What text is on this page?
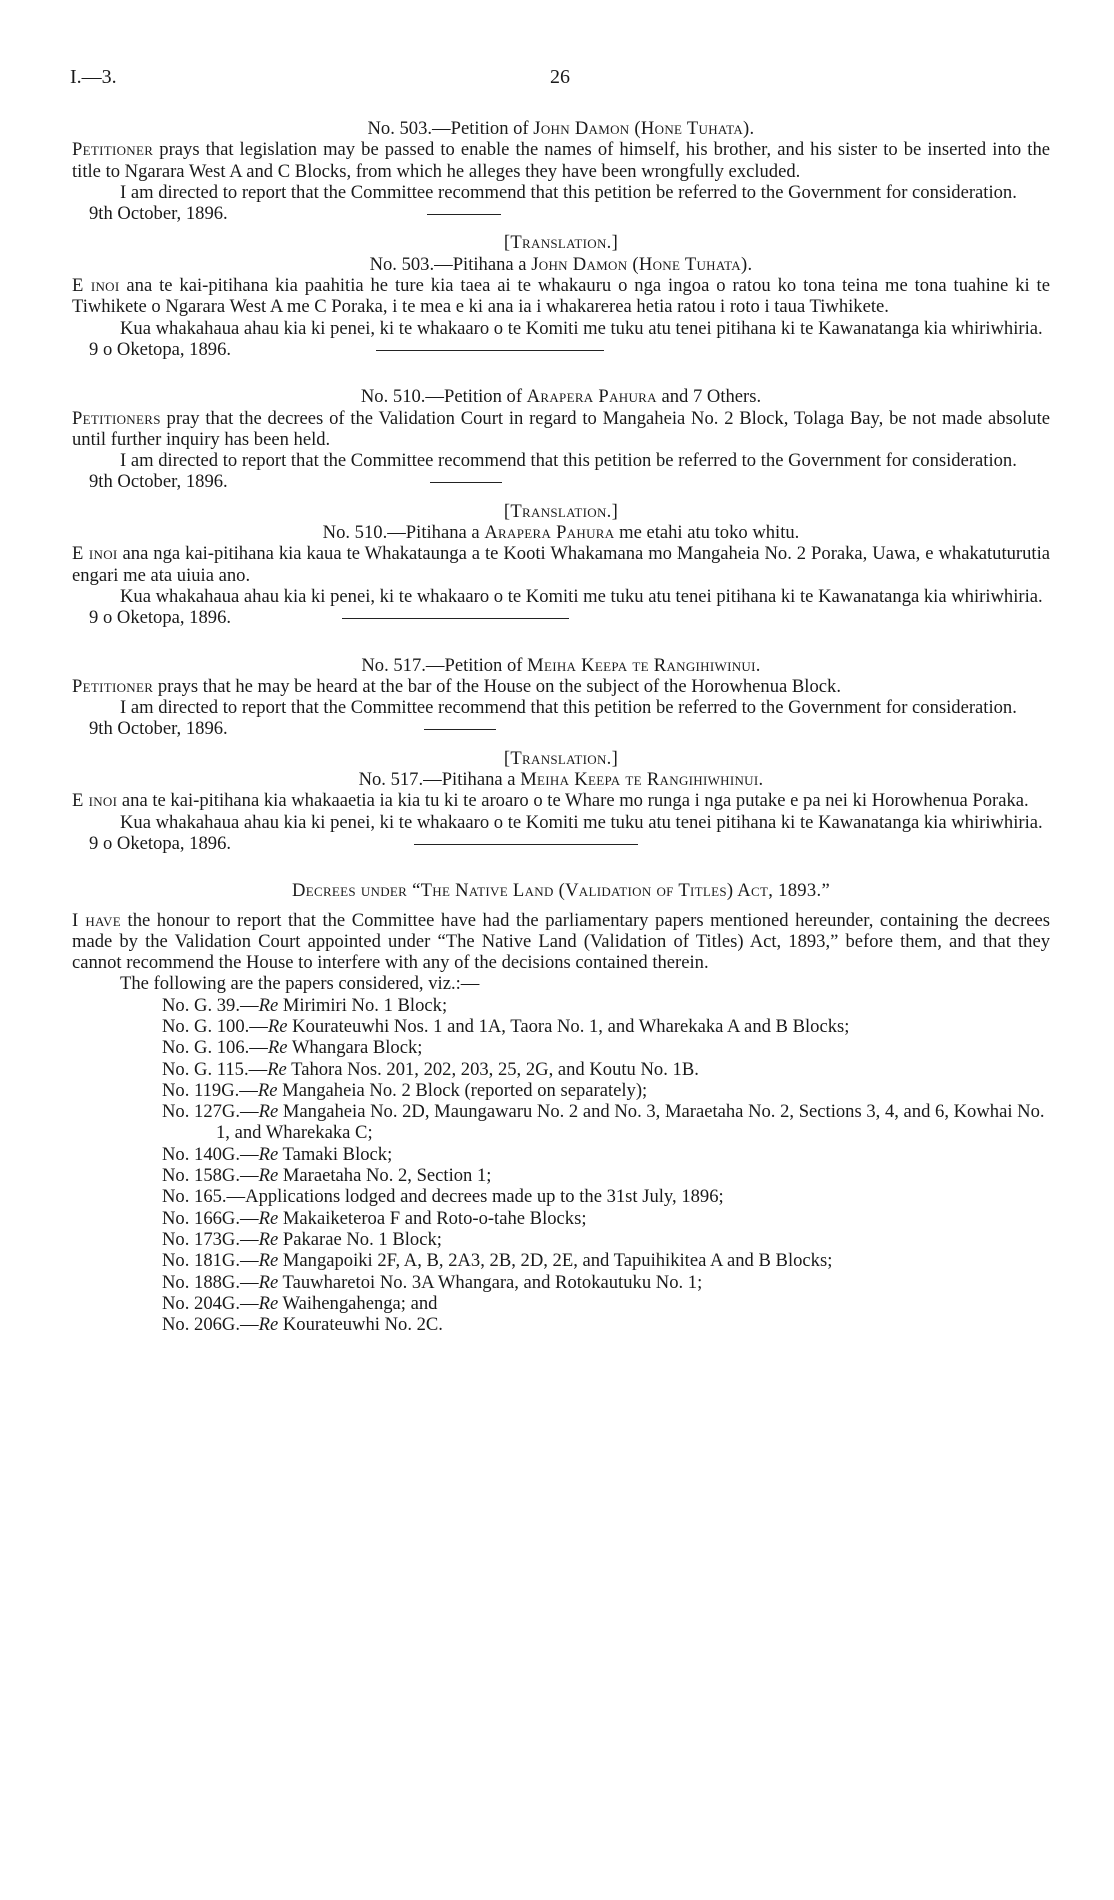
I.—3.	26

No. 503.—Petition of John Damon (Hone Tuhata).

Petitioner prays that legislation may be passed to enable the names of himself, his brother, and his sister to be inserted into the title to Ngarara West A and C Blocks, from which he alleges they have been wrongfully excluded.

I am directed to report that the Committee recommend that this petition be referred to the Government for consideration.

9th October, 1896.

[Translation.]

No. 503.—Pitihana a John Damon (Hone Tuhata).

E inoi ana te kai-pitihana kia paahitia he ture kia taea ai te whakauru o nga ingoa o ratou ko tona teina me tona tuahine ki te Tiwhikete o Ngarara West A me C Poraka, i te mea e ki ana ia i whakarerea hetia ratou i roto i taua Tiwhikete.

Kua whakahaua ahau kia ki penei, ki te whakaaro o te Komiti me tuku atu tenei pitihana ki te Kawanatanga kia whiriwhiria.

9 o Oketopa, 1896.

No. 510.—Petition of Arapera Pahura and 7 Others.

Petitioners pray that the decrees of the Validation Court in regard to Mangaheia No. 2 Block, Tolaga Bay, be not made absolute until further inquiry has been held.

I am directed to report that the Committee recommend that this petition be referred to the Government for consideration.

9th October, 1896.

[Translation.]

No. 510.—Pitihana a Arapera Pahura me etahi atu toko whitu.

E inoi ana nga kai-pitihana kia kaua te Whakataunga a te Kooti Whakamana mo Mangaheia No. 2 Poraka, Uawa, e whakatuturutia engari me ata uiuia ano.

Kua whakahaua ahau kia ki penei, ki te whakaaro o te Komiti me tuku atu tenei pitihana ki te Kawanatanga kia whiriwhiria.

9 o Oketopa, 1896.

No. 517.—Petition of Meiha Keepa te Rangihiwinui.

Petitioner prays that he may be heard at the bar of the House on the subject of the Horowhenua Block.

I am directed to report that the Committee recommend that this petition be referred to the Government for consideration.

9th October, 1896.

[Translation.]

No. 517.—Pitihana a Meiha Keepa te Rangihiwhinui.

E inoi ana te kai-pitihana kia whakaaetia ia kia tu ki te aroaro o te Whare mo runga i nga putake e pa nei ki Horowhenua Poraka.

Kua whakahaua ahau kia ki penei, ki te whakaaro o te Komiti me tuku atu tenei pitihana ki te Kawanatanga kia whiriwhiria.

9 o Oketopa, 1896.

Decrees under “The Native Land (Validation of Titles) Act, 1893.”

I have the honour to report that the Committee have had the parliamentary papers mentioned hereunder, containing the decrees made by the Validation Court appointed under “The Native Land (Validation of Titles) Act, 1893,” before them, and that they cannot recommend the House to interfere with any of the decisions contained therein.

The following are the papers considered, viz.:—

No. G. 39.—Re Mirimiri No. 1 Block;
No. G. 100.—Re Kourateuwhi Nos. 1 and 1A, Taora No. 1, and Wharekaka A and B Blocks;
No. G. 106.—Re Whangara Block;
No. G. 115.—Re Tahora Nos. 201, 202, 203, 25, 2G, and Koutu No. 1B.
No. 119G.—Re Mangaheia No. 2 Block (reported on separately);
No. 127G.—Re Mangaheia No. 2D, Maungawaru No. 2 and No. 3, Maraetaha No. 2, Sections 3, 4, and 6, Kowhai No. 1, and Wharekaka C;
No. 140G.—Re Tamaki Block;
No. 158G.—Re Maraetaha No. 2, Section 1;
No. 165.—Applications lodged and decrees made up to the 31st July, 1896;
No. 166G.—Re Makaiketeroa F and Roto-o-tahe Blocks;
No. 173G.—Re Pakarae No. 1 Block;
No. 181G.—Re Mangapoiki 2F, A, B, 2A3, 2B, 2D, 2E, and Tapuihikitea A and B Blocks;
No. 188G.—Re Tauwharetoi No. 3A Whangara, and Rotokautuku No. 1;
No. 204G.—Re Waihengahenga; and
No. 206G.—Re Kourateuwhi No. 2C.
